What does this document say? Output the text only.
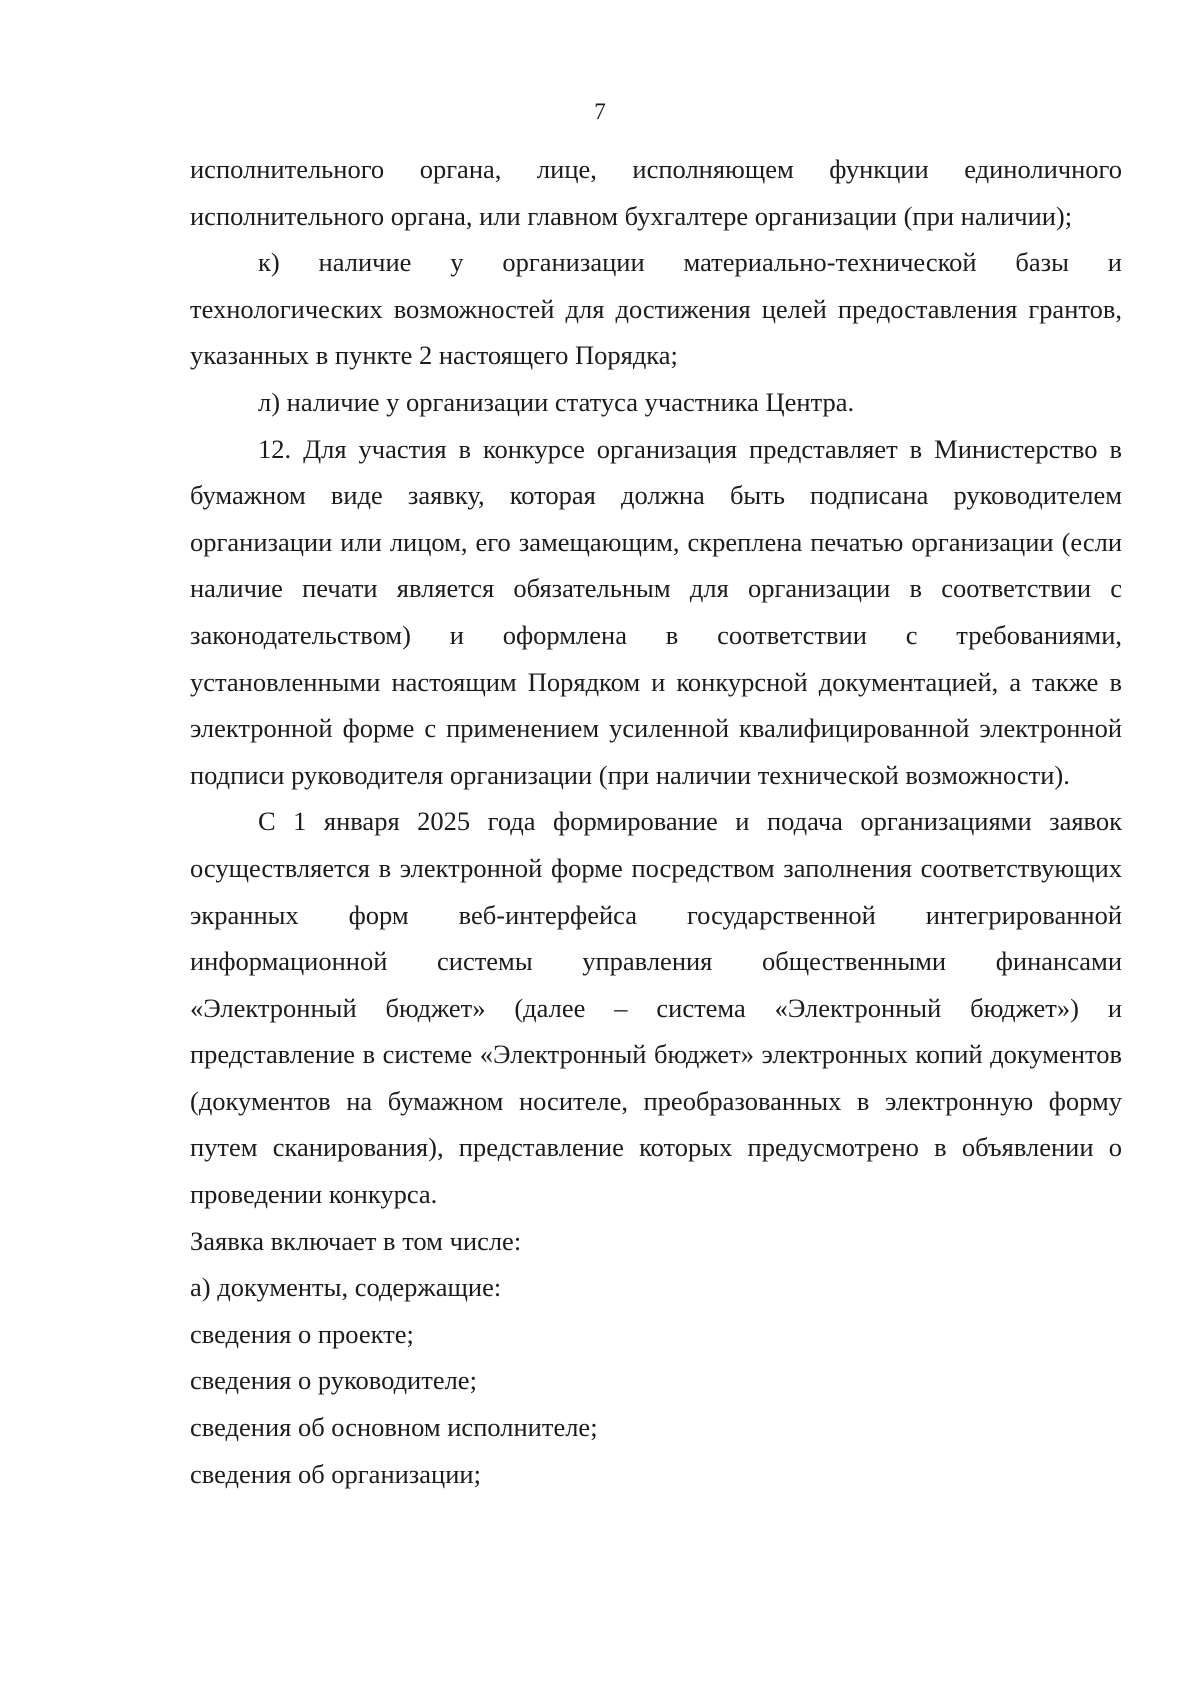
7

исполнительного органа, лице, исполняющем функции единоличного исполнительного органа, или главном бухгалтере организации (при наличии);

к) наличие у организации материально-технической базы и технологических возможностей для достижения целей предоставления грантов, указанных в пункте 2 настоящего Порядка;

л) наличие у организации статуса участника Центра.

12. Для участия в конкурсе организация представляет в Министерство в бумажном виде заявку, которая должна быть подписана руководителем организации или лицом, его замещающим, скреплена печатью организации (если наличие печати является обязательным для организации в соответствии с законодательством) и оформлена в соответствии с требованиями, установленными настоящим Порядком и конкурсной документацией, а также в электронной форме с применением усиленной квалифицированной электронной подписи руководителя организации (при наличии технической возможности).

С 1 января 2025 года формирование и подача организациями заявок осуществляется в электронной форме посредством заполнения соответствующих экранных форм веб-интерфейса государственной интегрированной информационной системы управления общественными финансами «Электронный бюджет» (далее – система «Электронный бюджет») и представление в системе «Электронный бюджет» электронных копий документов (документов на бумажном носителе, преобразованных в электронную форму путем сканирования), представление которых предусмотрено в объявлении о проведении конкурса.

Заявка включает в том числе:

а) документы, содержащие:

сведения о проекте;

сведения о руководителе;

сведения об основном исполнителе;

сведения об организации;
